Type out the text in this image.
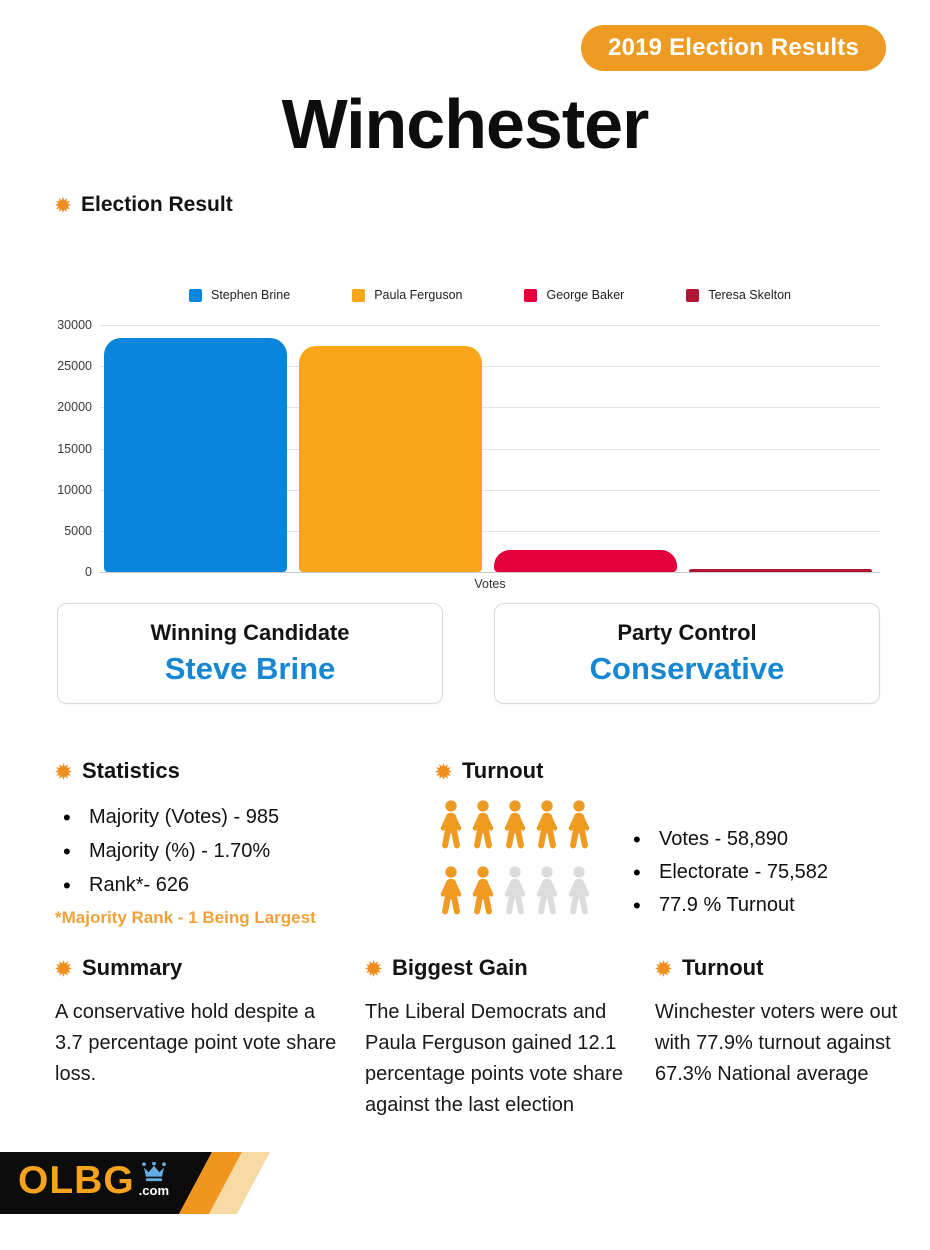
2019 Election Results
Winchester
Election Result
Stephen Brine	Paula Ferguson	George Baker	Teresa Skelton
0
5000
10000
15000
20000
25000
30000
Votes
Winning Candidate
Steve Brine
Party Control
Conservative
Statistics
• Majority (Votes) - 985
• Majority (%) - 1.70%
• Rank*- 626
*Majority Rank - 1 Being Largest
Turnout
• Votes - 58,890
• Electorate - 75,582
• 77.9 % Turnout
Summary

A conservative hold despite a 3.7 percentage point vote share loss.

Biggest Gain

The Liberal Democrats and Paula Ferguson gained 12.1 percentage points vote share against the last election

Turnout

Winchester voters were out with 77.9% turnout against 67.3% National average

OLBG .com
